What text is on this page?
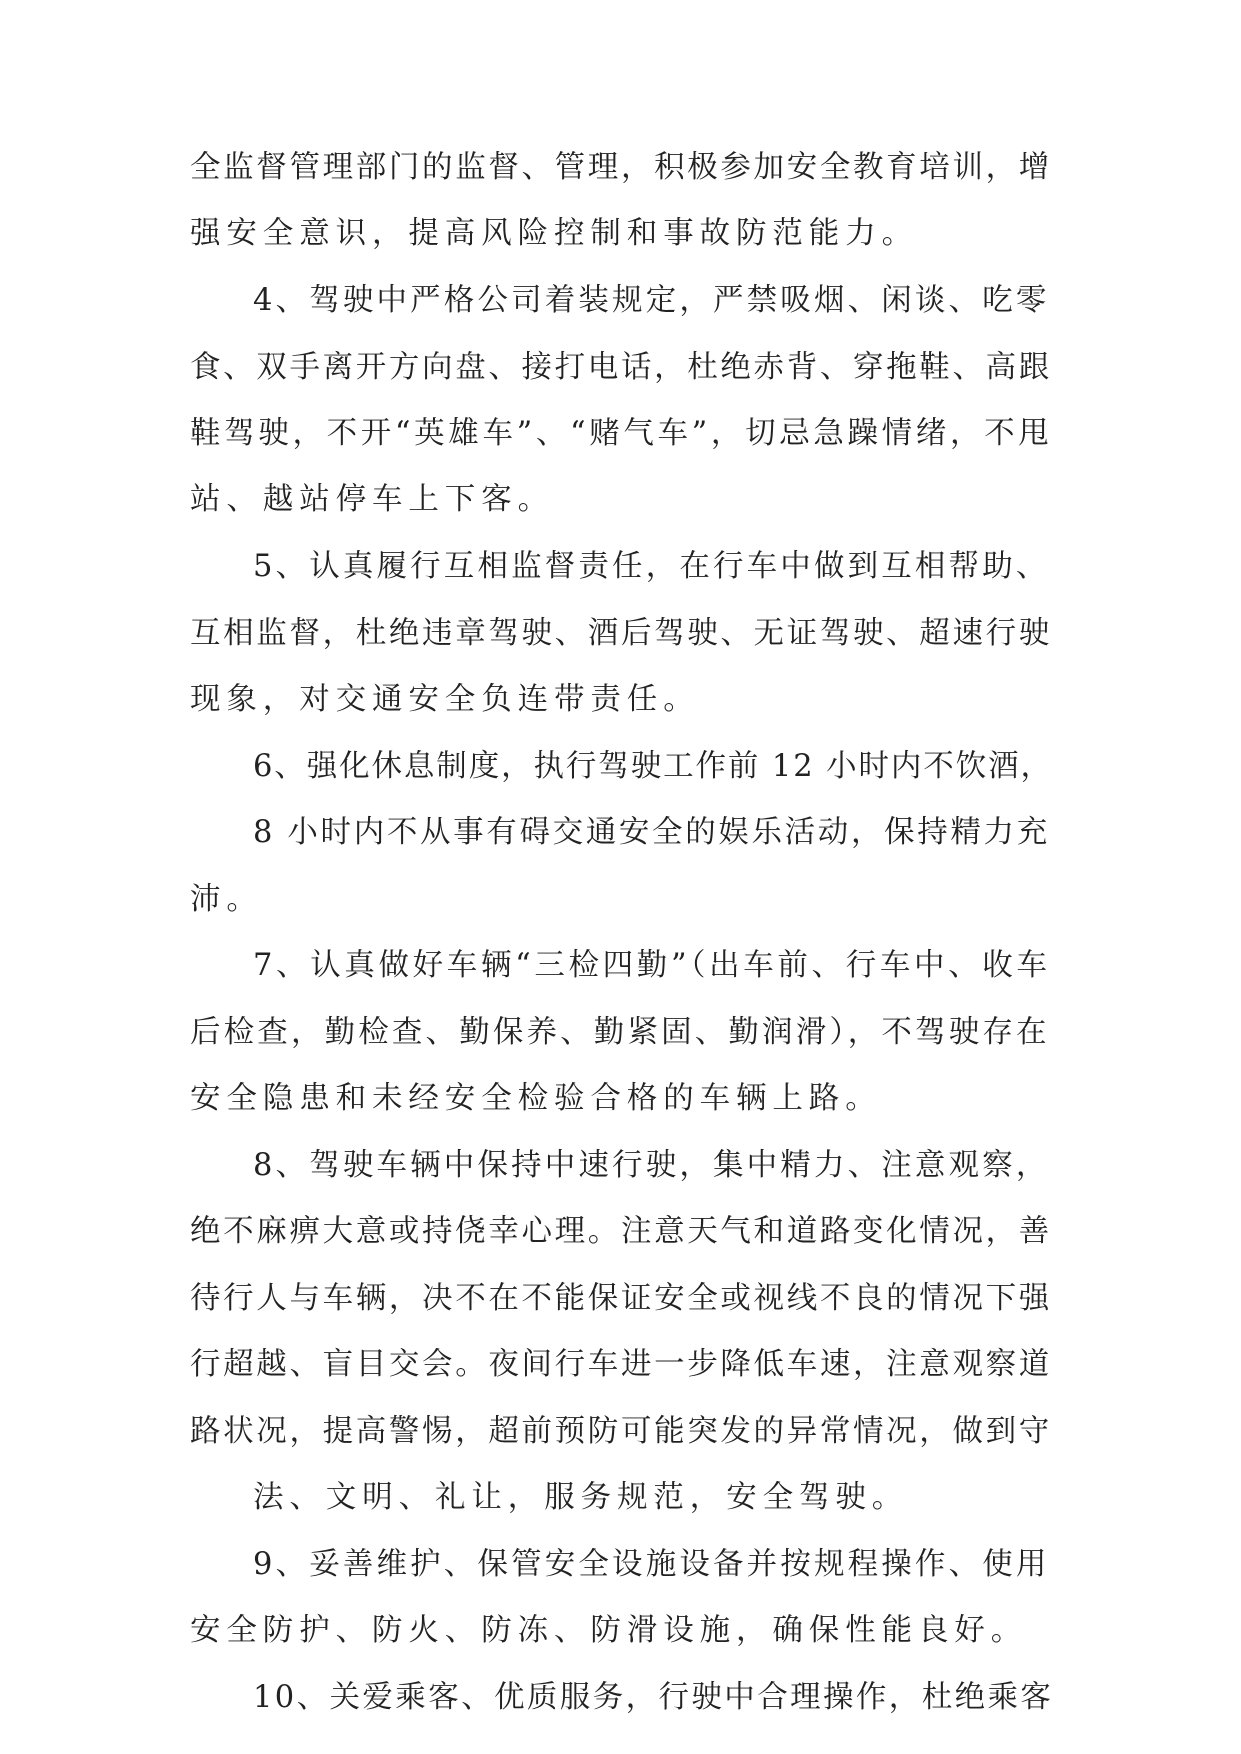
全监督管理部门的监督、管理，积极参加安全教育培训，增
强安全意识，提高风险控制和事故防范能力。
4、驾驶中严格公司着装规定，严禁吸烟、闲谈、吃零
食、双手离开方向盘、接打电话，杜绝赤背、穿拖鞋、高跟
鞋驾驶，不开“英雄车”、“赌气车”，切忌急躁情绪，不甩
站、越站停车上下客。
5、认真履行互相监督责任，在行车中做到互相帮助、
互相监督，杜绝违章驾驶、酒后驾驶、无证驾驶、超速行驶
现象，对交通安全负连带责任。
6、强化休息制度，执行驾驶工作前 12 小时内不饮酒，
8 小时内不从事有碍交通安全的娱乐活动，保持精力充
沛。
7、认真做好车辆“三检四勤”（出车前、行车中、收车
后检查，勤检查、勤保养、勤紧固、勤润滑），不驾驶存在
安全隐患和未经安全检验合格的车辆上路。
8、驾驶车辆中保持中速行驶，集中精力、注意观察，
绝不麻痹大意或持侥幸心理。注意天气和道路变化情况，善
待行人与车辆，决不在不能保证安全或视线不良的情况下强
行超越、盲目交会。夜间行车进一步降低车速，注意观察道
路状况，提高警惕，超前预防可能突发的异常情况，做到守
法、文明、礼让，服务规范，安全驾驶。
9、妥善维护、保管安全设施设备并按规程操作、使用
安全防护、防火、防冻、防滑设施，确保性能良好。
10、关爱乘客、优质服务，行驶中合理操作，杜绝乘客
